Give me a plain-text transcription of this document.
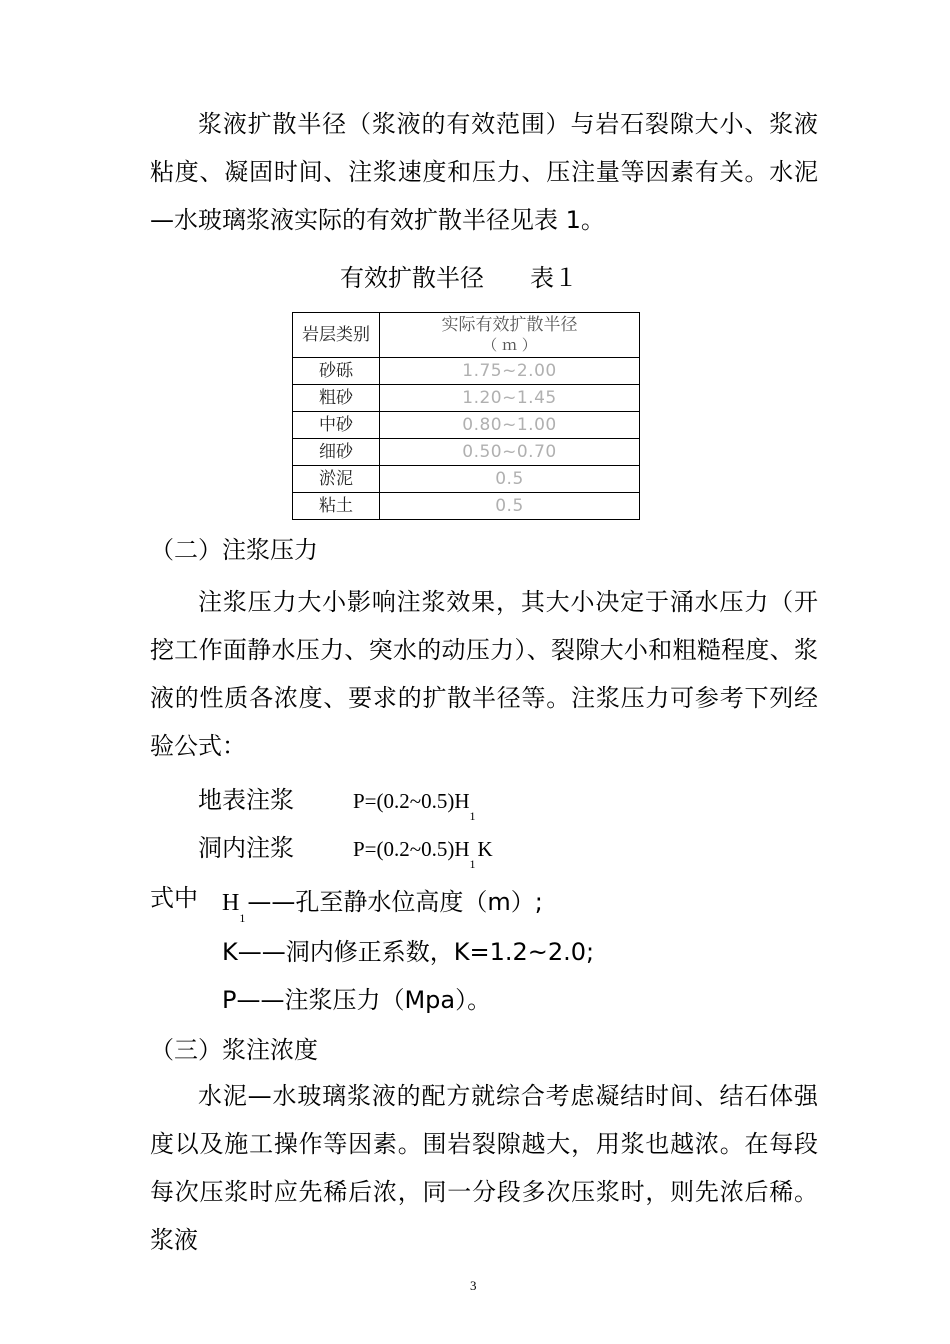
浆液扩散半径（浆液的有效范围）与岩石裂隙大小、浆液粘度、凝固时间、注浆速度和压力、压注量等因素有关。水泥—水玻璃浆液实际的有效扩散半径见表 1。

有效扩散半径 表１
岩层类别	实际有效扩散半径
（ ｍ ）

砂砾	1.75~2.00
粗砂	1.20~1.45
中砂	0.80~1.00
细砂	0.50~0.70
淤泥	0.5
粘土	0.5
（二）注浆压力

注浆压力大小影响注浆效果，其大小决定于涌水压力（开挖工作面静水压力、突水的动压力）、裂隙大小和粗糙程度、浆液的性质各浓度、要求的扩散半径等。注浆压力可参考下列经验公式：

地表注浆	$P=(0.2\sim 0.5)H_1$
洞内注浆	$P=(0.2\sim 0.5)H_1K$
式中 $H_1——$孔至静水位高度（m）;
K——洞内修正系数，K=1.2~2.0;
P——注浆压力（Mpa）。
（三）浆注浓度

水泥—水玻璃浆液的配方就综合考虑凝结时间、结石体强度以及施工操作等因素。围岩裂隙越大，用浆也越浓。在每段每次压浆时应先稀后浓，同一分段多次压浆时，则先浓后稀。浆液

3
